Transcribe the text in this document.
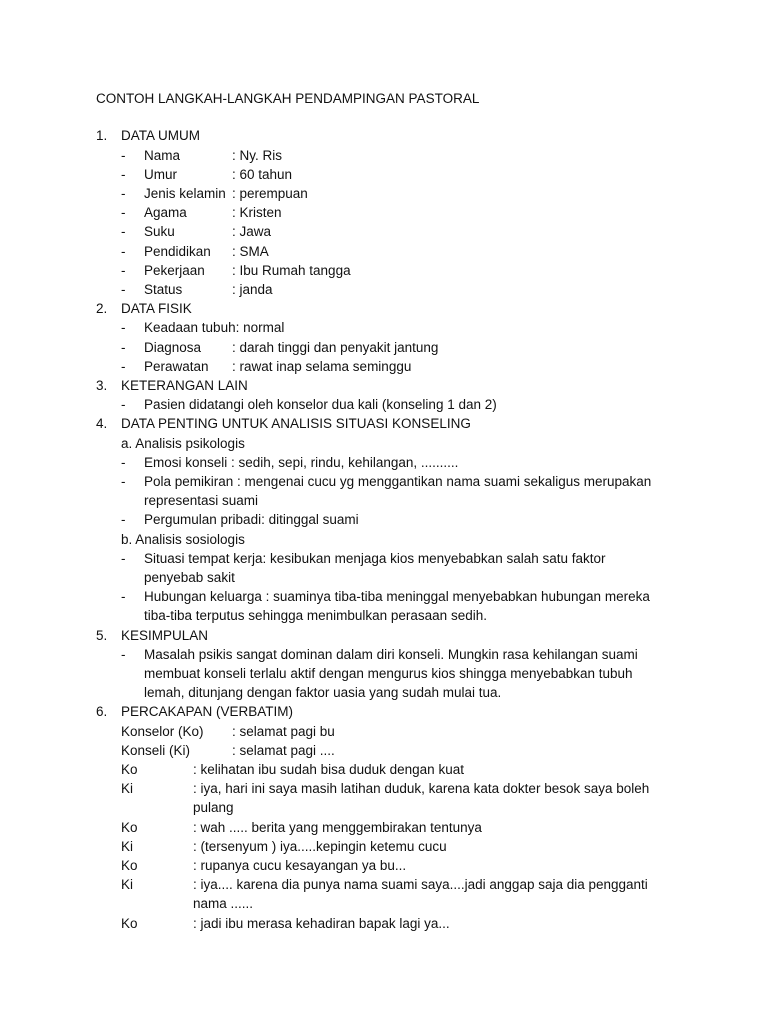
CONTOH LANGKAH-LANGKAH PENDAMPINGAN PASTORAL
1. DATA UMUM
- Nama	: Ny. Ris
- Umur	: 60 tahun
- Jenis kelamin : perempuan
- Agama	: Kristen
- Suku	: Jawa
- Pendidikan : SMA
- Pekerjaan : Ibu Rumah tangga
- Status	: janda
2. DATA FISIK
- Keadaan tubuh: normal
- Diagnosa : darah tinggi dan penyakit jantung
- Perawatan : rawat inap selama seminggu
3. KETERANGAN LAIN
- Pasien didatangi oleh konselor dua kali (konseling 1 dan 2)
4. DATA PENTING UNTUK ANALISIS SITUASI KONSELING
a. Analisis psikologis
- Emosi konseli : sedih, sepi, rindu, kehilangan, ..........
- Pola pemikiran : mengenai cucu yg menggantikan nama suami sekaligus merupakan
representasi suami
- Pergumulan pribadi: ditinggal suami
b. Analisis sosiologis
- Situasi tempat kerja: kesibukan menjaga kios menyebabkan salah satu faktor
penyebab sakit
- Hubungan keluarga : suaminya tiba-tiba meninggal menyebabkan hubungan mereka
tiba-tiba terputus sehingga menimbulkan perasaan sedih.
5. KESIMPULAN
- Masalah psikis sangat dominan dalam diri konseli. Mungkin rasa kehilangan suami
membuat konseli terlalu aktif dengan mengurus kios shingga menyebabkan tubuh
lemah, ditunjang dengan faktor uasia yang sudah mulai tua.
6. PERCAKAPAN (VERBATIM)
Konselor (Ko) : selamat pagi bu
Konseli (Ki)	: selamat pagi ....
Ko	: kelihatan ibu sudah bisa duduk dengan kuat
Ki	: iya, hari ini saya masih latihan duduk, karena kata dokter besok saya boleh
pulang
Ko	: wah ..... berita yang menggembirakan tentunya
Ki	: (tersenyum ) iya.....kepingin ketemu cucu
Ko	: rupanya cucu kesayangan ya bu...
Ki	: iya.... karena dia punya nama suami saya....jadi anggap saja dia pengganti
nama ......
Ko	: jadi ibu merasa kehadiran bapak lagi ya...
